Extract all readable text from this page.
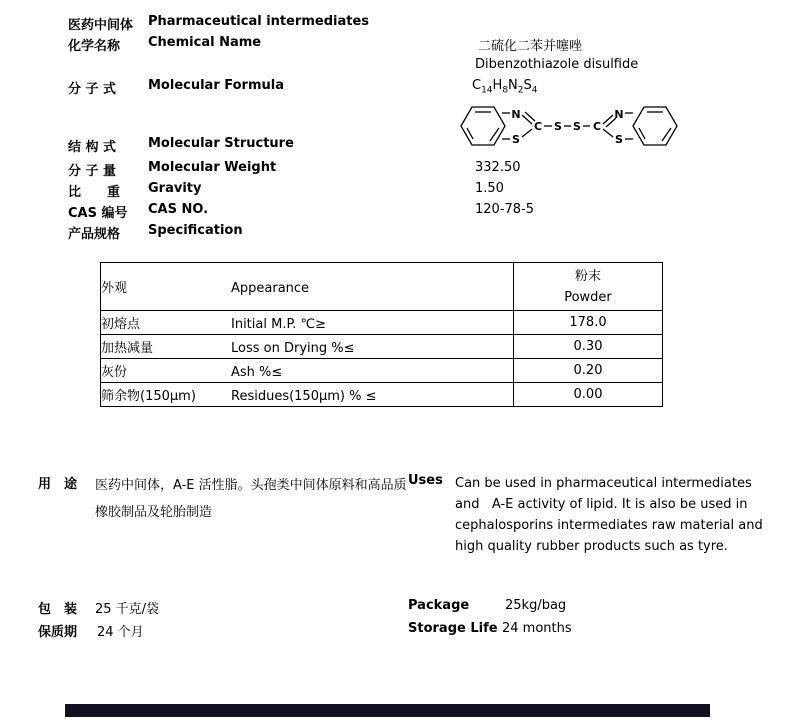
医药中间体 Pharmaceutical intermediates
化学名称 Chemical Name	二硫化二苯并噻唑
Dibenzothiazole disulfide
分 子 式 Molecular Formula	$C_{14}H_8N_2S_4$
N
S
C S S C
N
S
结 构 式 Molecular Structure
分 子 量 Molecular Weight	332.50
比　　重 Gravity	1.50
CAS 编号 CAS NO.	120-78-5
产品规格 Specification
外观 Appearance	粉末
Powder

初熔点 Initial M.P. ℃≥	178.0
加热减量 Loss on Drying %≤	0.30
灰份 Ash %≤	0.20
筛余物(150μm) Residues(150μm) % ≤	0.00
用　途 医药中间体，A-E 活性脂。头孢类中间体原料和高品质
橡胶制品及轮胎制造
Uses Can be used in pharmaceutical intermediates
and   A-E activity of lipid. It is also be used in
cephalosporins intermediates raw material and
high quality rubber products such as tyre.
包　装 25 千克/袋	Package	25kg/bag
保质期 24 个月	Storage Life 24 months
